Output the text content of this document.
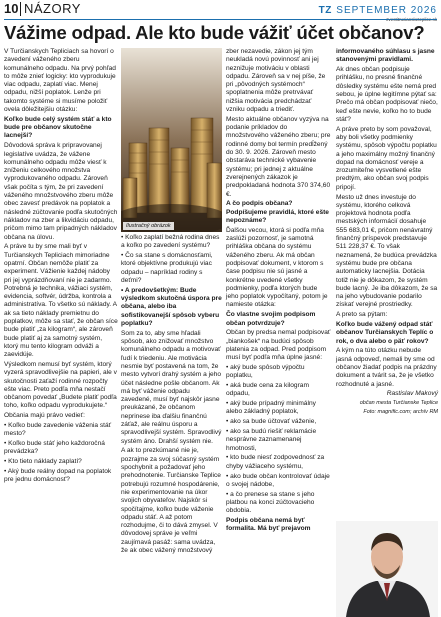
10 NÁZORY	TZ SEPTEMBER 2026
Vážime odpad. Ale kto bude vážiť účet občanov?

V Turčianskych Tepliciach sa hovorí o zavedení váženého zberu komunálneho odpadu. Na prvý pohľad to môže znieť logicky: kto vyprodukuje viac odpadu, zaplatí viac. Menej odpadu, nižší poplatok. Lenže pri takomto systéme si musíme položiť ovela dôležitejšiu otázku:

Koľko bude celý systém stáť a kto bude pre občanov skutočne lacnejší?

Dôvodová správa k pripravovanej legislatíve uvádza, že vážene komunálneho odpadu môže viesť k zníženiu celkového množstva vyprodukovaného odpadu. Zároveň však počíta s tým, že pri zavedení váženého množstvového zberu môže obec zavesť predávok na poplatok a následné zúčtovanie podľa skutočných nákladov na zber a likvidáciu odpadu, pričom mimo tam pripadných nákladov občana na úlovu.

A práve tu by sme mali byť v Turčianskych Tepliciach mimoriadne opatrní. Občan nemôže platiť za experiment. Vážienie každej nádoby pri jej vyprázdňovaní nie je zadarmo. Potrebná je technika, vážiaci systém, evidencia, softvér, údržba, kontrola a administratíva. To všetko sú náklady. A ak sa tieto náklady premietnu do poplatkov, môže sa stať, že občan síce bude platiť „za kilogram“, ale zároveň bude platiť aj za samotný systém, ktorý mu tento kilogram odváži a zaevidúje.

Výsledkom nemusí byť systém, ktorý vyzerá spravodlivejšie na papieri, ale v skutočnosti zaťaží rodinné rozpočty ešte viac. Preto podľa mňa nestačí občanom povedať „Budete platiť podľa toho, koľko odpadu vyprodukujete.“

Občania majú právo vedieť:

• Koľko bude zavedenie váženia stáť mesto?

• Koľko bude stáť jeho každoročná prevádzka?

• Kto tieto náklady zaplatí?

• Aký bude reálny dopad na poplatok pre jednu domácnosť?

Ilustračný obrázok

• Koľko zaplatí bežná rodina dnes a koľko po zavedení systému?

• Čo sa stane s domácnosťami, ktoré objektívne produkujú viac odpadu – napríklad rodiny s deťmi?

• A predovšetkým: Bude výsledkom skutočná úspora pre občana, alebo iba sofistikovanejší spôsob vyberu poplatku?

Som za to, aby sme hľadali spôsob, ako znižovať množstvo komunálneho odpadu a motivovať ľudí k triedeniu. Ale motivácia nesmie byť postavená na tom, že mesto vytvorí drahý systém a jeho účet následne pošle občanom. Ak má byť váženie odpadu zavedené, musí byť najskôr jasne preukázané, že občanom neprinese iba ďalšiu finančnú záťaž, ale reálnu úsporu a spravodlivejší systém. Spravodlivý systém áno. Drahší systém nie.

A ak to prezkúmané nie je, pozrajme za svoj súčasný systém spochybnit a požadovať jeho prehodnotenie. Turčianske Teplice potrebujú rozumné hospodárenie, nie experimentovanie na úkor svojich obyvateľov. Najskôr si spočítajme, koľko bude váženie odpadu stáť. A až potom rozhodujme, či to dává zmysel. V dôvodovej správe je veľmi zaujímavá pasáž: sama uvádza, že ak obec vážený množstvový

zber nezavedie, zákon jej tým neukladá novú povinnosť ani jej neznižuje motiváciu v oblasti odpadu. Zároveň sa v nej píše, že pri „pôvodných systémoch“ spoplatnenia môže pretrvávať nižšia motivácia predchádzať vzniku odpadu a triediť.

Mesto aktuálne občanov vyzýva na podanie príkladov do množstvového váženého zberu; pre rodinné domy bol termín predĺžený do 30. 9. 2026. Zároveň mesto obstaráva technické vybavenie systému; pri jednej z aktuálne zverejnených zákazok je predpokladaná hodnota 370 374,60 €.

A čo podpis občana? Podpíšujeme pravidlá, ktoré ešte nepoznáme?

Ďalšou vecou, ktorá si podľa mňa zaslúži pozornosť, je samotná prihláška občana do systému váženého zberu. Ak má občan podpisovať dokument, v ktorom s čase podpisu nie sú jasné a konkrétne uvedené všetky podmienky, podľa ktorých bude jeho poplatok vypočítaný, potom je namieste otázka:

Čo vlastne svojim podpisom občan potvrdzuje?

Občan by predsa nemal podpisovať „biankošek“ na budúci spôsob platenia za odpad. Pred podpisom musí byť podľa mňa úplne jasné:

• aký bude spôsob výpočtu poplatku,

• aká bude cena za kilogram odpadu,

• aký bude prípadný minimálny alebo základný poplatok,

• ako sa bude účtovať váženie,

• ako sa budú riešiť reklamácie nesprávne zaznamenanej hmotnosti,

• kto bude niesť zodpovednosť za chyby vážiaceho systému,

• ako bude občan kontrolovať údaje o svojej nádobe,

• a čo prenese sa stane s jeho platbou na konci zúčtovacieho obdobia.

Podpis občana nemá byť formalita. Má byť prejavom

informovaného súhlasu s jasne stanovenými pravidlami.

Ak dnes občan podpisuje prihlášku, no presné finančné dôsledky systému ešte nemá pred sebou, je úplne legitímne pýtať sa: Prečo má občan podpisovať niečo, keď ešte nevie, koľko ho to bude stáť?

A práve preto by som považoval, aby boli všetky podmienky systému, spôsob výpočtu poplatku a jeho maximálny možný finančný dopad na domácnosť vereje a zrozumiteľne vysvetlené ešte predtým, ako občan svoj podpis pripojí.

Mesto už dnes investuje do systému, ktorého celková projektová hodnota podľa mestských informácií dosahuje 555 683,01 €, pričom nenávratný finančný príspevok predstavuje 511 228,37 €. To však neznamená, že budúca prevádzka systému bude pre občana automaticky lacnejšia. Dotácia totiž nie je dôkazom, že systém bude lacný. Je iba dôkazom, že sa na jeho vybudovanie podarilo získať verejné prostriedky.

A preto sa pýtam:

Koľko bude vážený odpad stáť občanov Turčianskych Teplíc o rok, o dva alebo o päť rokov?

A kým na túto otázku nebude jasná odpoveď, nemali by sme od občanov žiadať podpis na prázdny dokument a tvárit sa, že je všetko rozhodnuté a jasné.

Rastislav Makový

občan mesta Turčianske Teplice

Foto: magnific.com; archív RM
